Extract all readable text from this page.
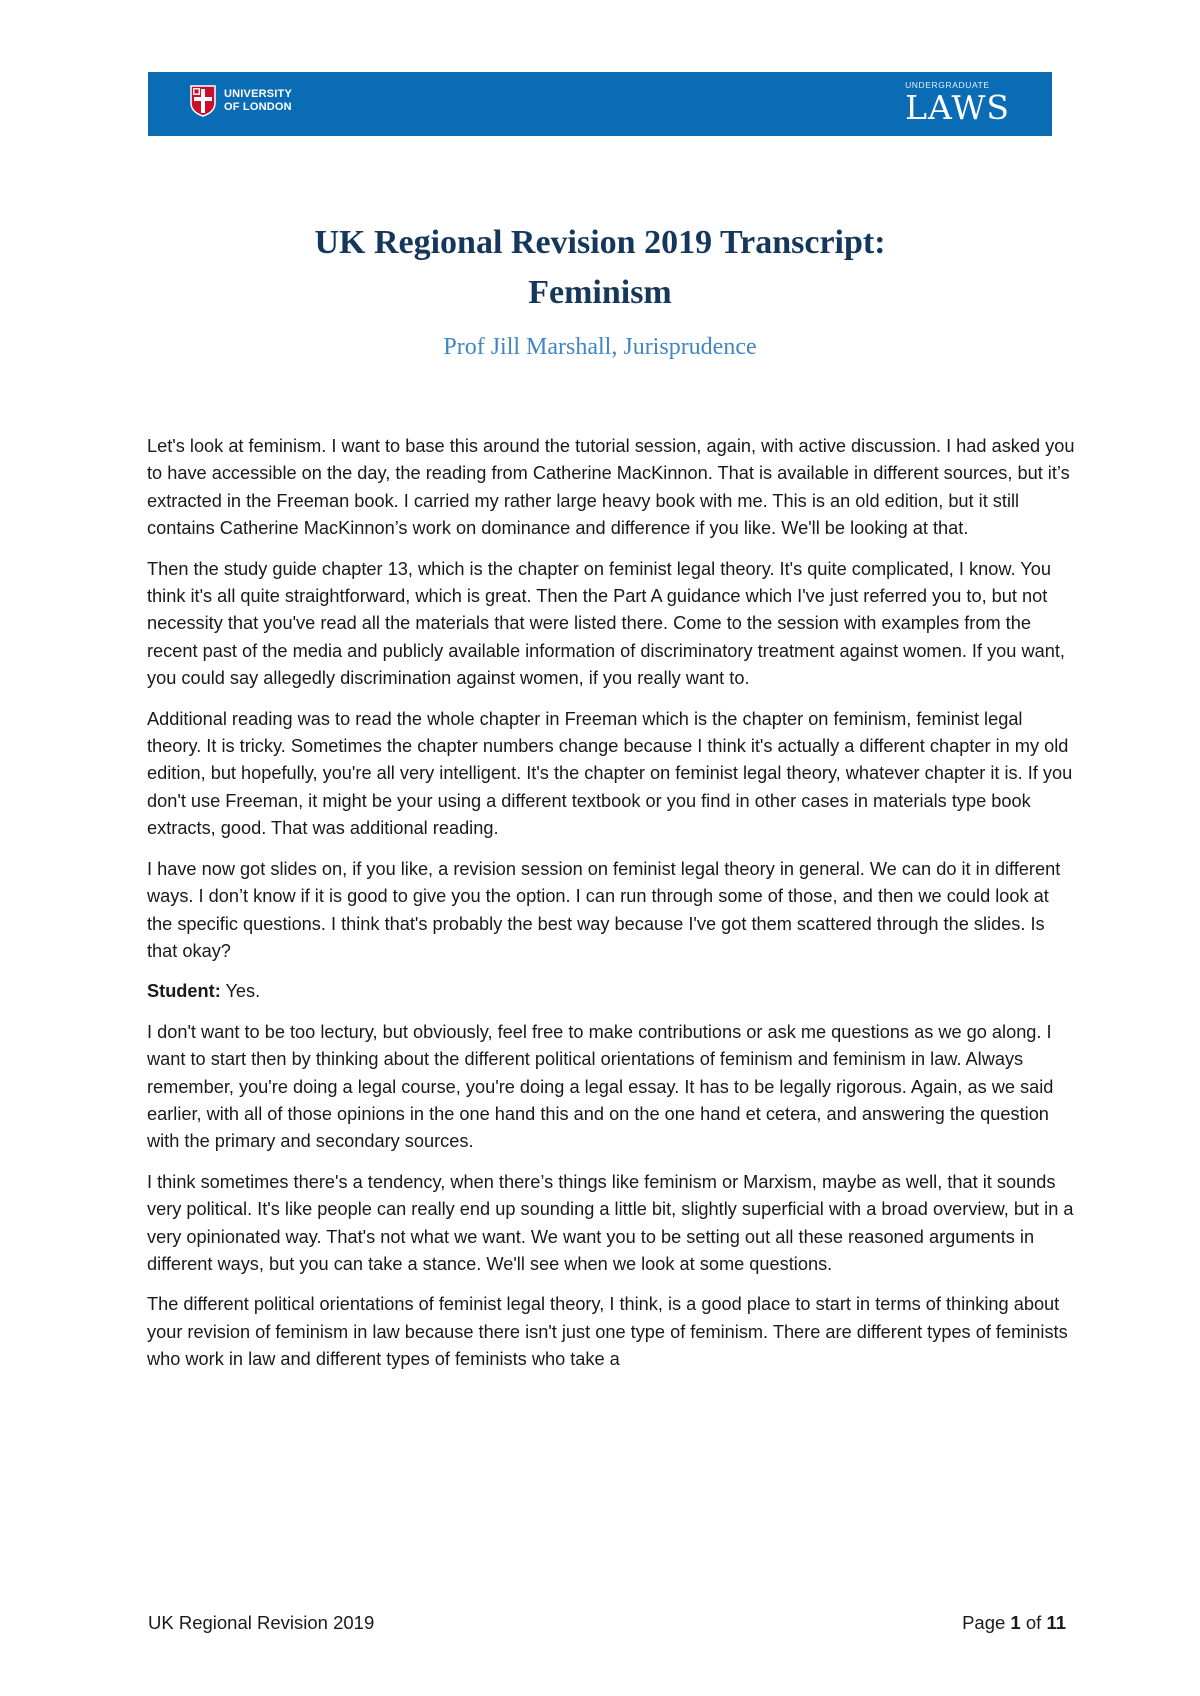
UNIVERSITY
OF LONDON
UNDERGRADUATE
LAWS
UK Regional Revision 2019 Transcript:
Feminism
Prof Jill Marshall, Jurisprudence

Let's look at feminism. I want to base this around the tutorial session, again, with active discussion. I had asked you to have accessible on the day, the reading from Catherine MacKinnon. That is available in different sources, but it’s extracted in the Freeman book. I carried my rather large heavy book with me. This is an old edition, but it still contains Catherine MacKinnon’s work on dominance and difference if you like. We'll be looking at that.

Then the study guide chapter 13, which is the chapter on feminist legal theory. It's quite complicated, I know. You think it's all quite straightforward, which is great. Then the Part A guidance which I've just referred you to, but not necessity that you've read all the materials that were listed there. Come to the session with examples from the recent past of the media and publicly available information of discriminatory treatment against women. If you want, you could say allegedly discrimination against women, if you really want to.

Additional reading was to read the whole chapter in Freeman which is the chapter on feminism, feminist legal theory. It is tricky. Sometimes the chapter numbers change because I think it's actually a different chapter in my old edition, but hopefully, you're all very intelligent. It's the chapter on feminist legal theory, whatever chapter it is. If you don't use Freeman, it might be your using a different textbook or you find in other cases in materials type book extracts, good. That was additional reading.

I have now got slides on, if you like, a revision session on feminist legal theory in general. We can do it in different ways. I don’t know if it is good to give you the option. I can run through some of those, and then we could look at the specific questions. I think that's probably the best way because I've got them scattered through the slides. Is that okay?

Student: Yes.

I don't want to be too lectury, but obviously, feel free to make contributions or ask me questions as we go along. I want to start then by thinking about the different political orientations of feminism and feminism in law. Always remember, you're doing a legal course, you're doing a legal essay. It has to be legally rigorous. Again, as we said earlier, with all of those opinions in the one hand this and on the one hand et cetera, and answering the question with the primary and secondary sources.

I think sometimes there's a tendency, when there’s things like feminism or Marxism, maybe as well, that it sounds very political. It's like people can really end up sounding a little bit, slightly superficial with a broad overview, but in a very opinionated way. That's not what we want. We want you to be setting out all these reasoned arguments in different ways, but you can take a stance. We'll see when we look at some questions.

The different political orientations of feminist legal theory, I think, is a good place to start in terms of thinking about your revision of feminism in law because there isn't just one type of feminism. There are different types of feminists who work in law and different types of feminists who take a

UK Regional Revision 2019	Page 1 of 11
